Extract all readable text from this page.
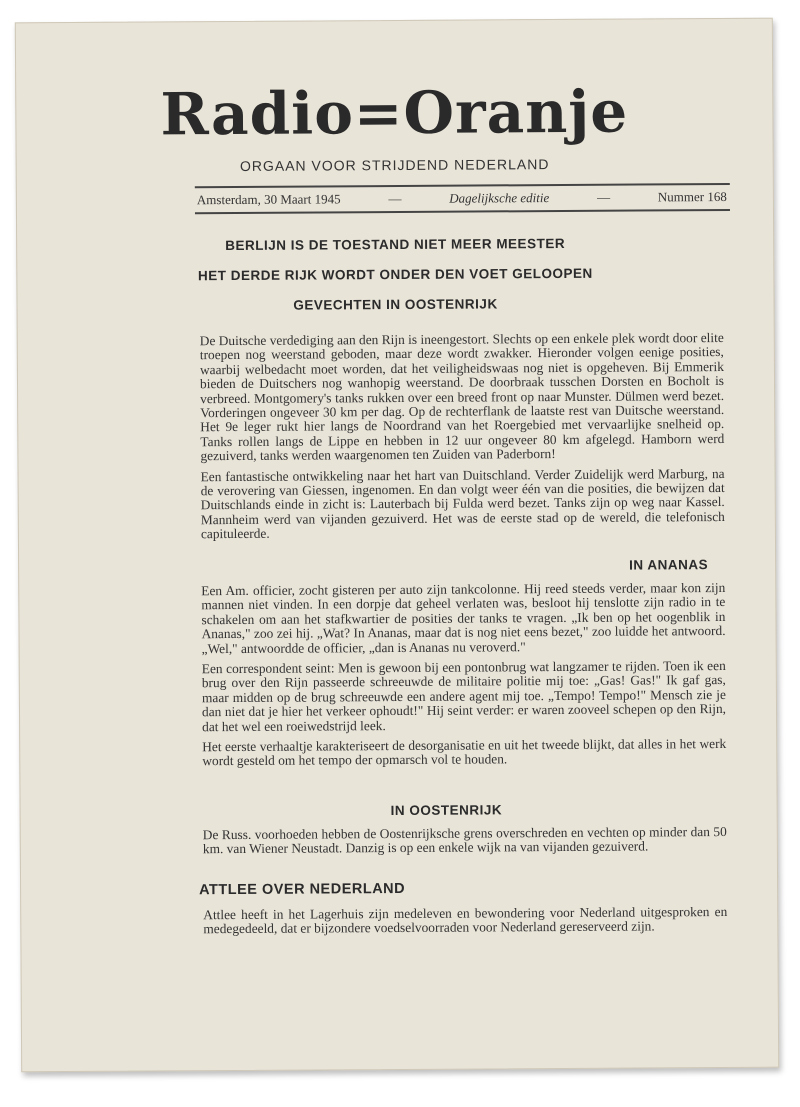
Radio=Oranje
ORGAAN VOOR STRIJDEND NEDERLAND
Amsterdam, 30 Maart 1945	—	Dagelijksche editie	—	Nummer 168
BERLIJN IS DE TOESTAND NIET MEER MEESTER
HET DERDE RIJK WORDT ONDER DEN VOET GELOOPEN
GEVECHTEN IN OOSTENRIJK

De Duitsche verdediging aan den Rijn is ineengestort. Slechts op een enkele plek wordt door elite troepen nog weerstand geboden, maar deze wordt zwakker. Hieronder volgen eenige posities, waarbij welbedacht moet worden, dat het veiligheidswaas nog niet is opgeheven. Bij Emmerik bieden de Duitschers nog wanhopig weerstand. De doorbraak tusschen Dorsten en Bocholt is verbreed. Montgomery's tanks rukken over een breed front op naar Munster. Dülmen werd bezet. Vorderingen ongeveer 30 km per dag. Op de rechterflank de laatste rest van Duitsche weerstand. Het 9e leger rukt hier langs de Noordrand van het Roergebied met vervaarlijke snelheid op. Tanks rollen langs de Lippe en hebben in 12 uur ongeveer 80 km afgelegd. Hamborn werd gezuiverd, tanks werden waargenomen ten Zuiden van Paderborn!

Een fantastische ontwikkeling naar het hart van Duitschland. Verder Zuidelijk werd Marburg, na de verovering van Giessen, ingenomen. En dan volgt weer één van die posities, die bewijzen dat Duitschlands einde in zicht is: Lauterbach bij Fulda werd bezet. Tanks zijn op weg naar Kassel. Mannheim werd van vijanden gezuiverd. Het was de eerste stad op de wereld, die telefonisch capituleerde.

IN ANANAS

Een Am. officier, zocht gisteren per auto zijn tankcolonne. Hij reed steeds verder, maar kon zijn mannen niet vinden. In een dorpje dat geheel verlaten was, besloot hij tenslotte zijn radio in te schakelen om aan het stafkwartier de posities der tanks te vragen. „Ik ben op het oogenblik in Ananas," zoo zei hij. „Wat? In Ananas, maar dat is nog niet eens bezet," zoo luidde het antwoord. „Wel," antwoordde de officier, „dan is Ananas nu veroverd."

Een correspondent seint: Men is gewoon bij een pontonbrug wat langzamer te rijden. Toen ik een brug over den Rijn passeerde schreeuwde de militaire politie mij toe: „Gas! Gas!" Ik gaf gas, maar midden op de brug schreeuwde een andere agent mij toe. „Tempo! Tempo!" Mensch zie je dan niet dat je hier het verkeer ophoudt!" Hij seint verder: er waren zooveel schepen op den Rijn, dat het wel een roeiwedstrijd leek.

Het eerste verhaaltje karakteriseert de desorganisatie en uit het tweede blijkt, dat alles in het werk wordt gesteld om het tempo der opmarsch vol te houden.

IN OOSTENRIJK

De Russ. voorhoeden hebben de Oostenrijksche grens overschreden en vechten op minder dan 50 km. van Wiener Neustadt. Danzig is op een enkele wijk na van vijanden gezuiverd.

ATTLEE OVER NEDERLAND

Attlee heeft in het Lagerhuis zijn medeleven en bewondering voor Nederland uitgesproken en medegedeeld, dat er bijzondere voedselvoorraden voor Nederland gereserveerd zijn.
